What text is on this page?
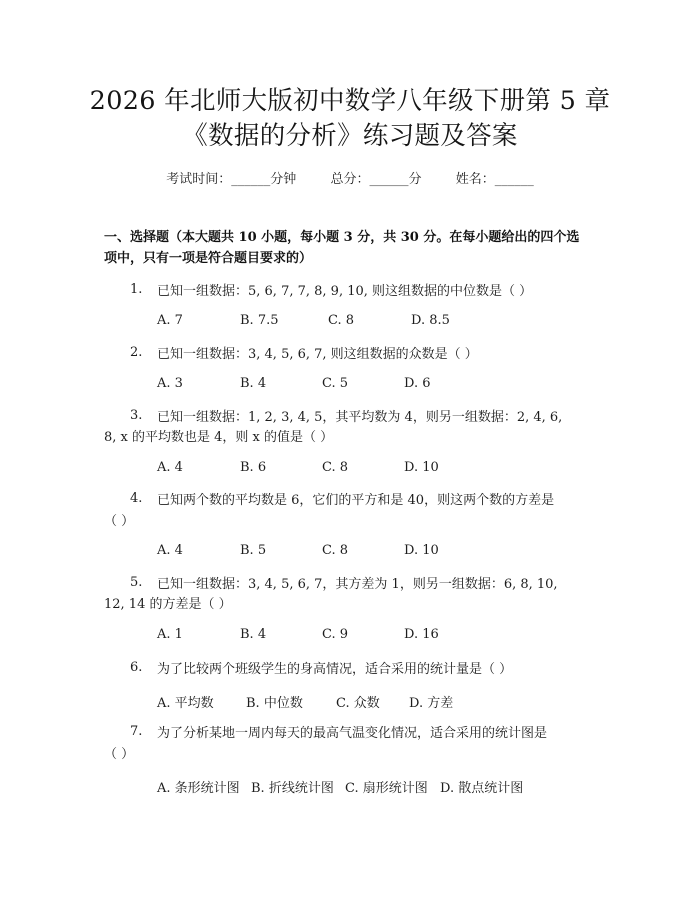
2026 年北师大版初中数学八年级下册第 5 章
《数据的分析》练习题及答案
考试时间：______分钟	总分：______分	姓名：______
一、选择题（本大题共 10 小题，每小题 3 分，共 30 分。在每小题给出的四个选
项中，只有一项是符合题目要求的）
1. 已知一组数据：5, 6, 7, 7, 8, 9, 10, 则这组数据的中位数是（ ）
A. 7	B. 7.5	C. 8	D. 8.5
2. 已知一组数据：3, 4, 5, 6, 7, 则这组数据的众数是（ ）
A. 3	B. 4	C. 5	D. 6
3. 已知一组数据：1, 2, 3, 4, 5，其平均数为 4，则另一组数据：2, 4, 6,
8, x 的平均数也是 4，则 x 的值是（ ）
A. 4	B. 6	C. 8	D. 10
4. 已知两个数的平均数是 6，它们的平方和是 40，则这两个数的方差是
（ ）
A. 4	B. 5	C. 8	D. 10
5. 已知一组数据：3, 4, 5, 6, 7，其方差为 1，则另一组数据：6, 8, 10,
12, 14 的方差是（ ）
A. 1	B. 4	C. 9	D. 16
6. 为了比较两个班级学生的身高情况，适合采用的统计量是（ ）
A. 平均数 B. 中位数	C. 众数 D. 方差
7. 为了分析某地一周内每天的最高气温变化情况，适合采用的统计图是
（ ）
A. 条形统计图 B. 折线统计图 C. 扇形统计图 D. 散点统计图
